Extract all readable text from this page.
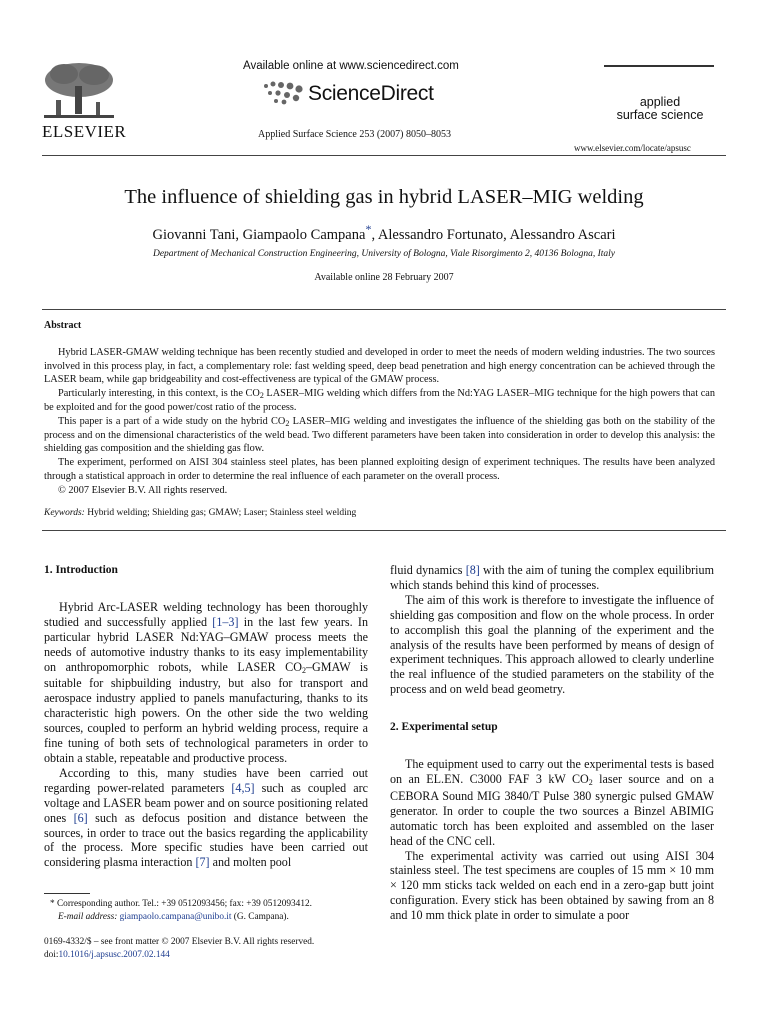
ELSEVIER
Available online at www.sciencedirect.com
ScienceDirect
Applied Surface Science 253 (2007) 8050–8053
applied
surface science
www.elsevier.com/locate/apsusc
The influence of shielding gas in hybrid LASER–MIG welding
Giovanni Tani, Giampaolo Campana*, Alessandro Fortunato, Alessandro Ascari
Department of Mechanical Construction Engineering, University of Bologna, Viale Risorgimento 2, 40136 Bologna, Italy
Available online 28 February 2007
Abstract
Hybrid LASER-GMAW welding technique has been recently studied and developed in order to meet the needs of modern welding industries. The two sources involved in this process play, in fact, a complementary role: fast welding speed, deep bead penetration and high energy concentration can be achieved through the LASER beam, while gap bridgeability and cost-effectiveness are typical of the GMAW process.
Particularly interesting, in this context, is the CO2 LASER–MIG welding which differs from the Nd:YAG LASER–MIG technique for the high powers that can be exploited and for the good power/cost ratio of the process.
This paper is a part of a wide study on the hybrid CO2 LASER–MIG welding and investigates the influence of the shielding gas both on the stability of the process and on the dimensional characteristics of the weld bead. Two different parameters have been taken into consideration in order to develop this analysis: the shielding gas composition and the shielding gas flow.
The experiment, performed on AISI 304 stainless steel plates, has been planned exploiting design of experiment techniques. The results have been analyzed through a statistical approach in order to determine the real influence of each parameter on the overall process.
© 2007 Elsevier B.V. All rights reserved.
Keywords: Hybrid welding; Shielding gas; GMAW; Laser; Stainless steel welding

1. Introduction

Hybrid Arc-LASER welding technology has been thoroughly studied and successfully applied [1–3] in the last few years. In particular hybrid LASER Nd:YAG–GMAW process meets the needs of automotive industry thanks to its easy implementability on anthropomorphic robots, while LASER CO2–GMAW is suitable for shipbuilding industry, but also for transport and aerospace industry applied to panels manufacturing, thanks to its characteristic high powers. On the other side the two welding sources, coupled to perform an hybrid welding process, require a fine tuning of both sets of technological parameters in order to obtain a stable, repeatable and productive process.

According to this, many studies have been carried out regarding power-related parameters [4,5] such as coupled arc voltage and LASER beam power and on source positioning related ones [6] such as defocus position and distance between the sources, in order to trace out the basics regarding the applicability of the process. More specific studies have been carried out considering plasma interaction [7] and molten pool

fluid dynamics [8] with the aim of tuning the complex equilibrium which stands behind this kind of processes.

The aim of this work is therefore to investigate the influence of shielding gas composition and flow on the whole process. In order to accomplish this goal the planning of the experiment and the analysis of the results have been performed by means of design of experiment techniques. This approach allowed to clearly underline the real influence of the studied parameters on the stability of the process and on weld bead geometry.

2. Experimental setup

The equipment used to carry out the experimental tests is based on an EL.EN. C3000 FAF 3 kW CO2 laser source and on a CEBORA Sound MIG 3840/T Pulse 380 synergic pulsed GMAW generator. In order to couple the two sources a Binzel ABIMIG automatic torch has been exploited and assembled on the laser head of the CNC cell.

The experimental activity was carried out using AISI 304 stainless steel. The test specimens are couples of 15 mm × 10 mm × 120 mm sticks tack welded on each end in a zero-gap butt joint configuration. Every stick has been obtained by sawing from an 8 and 10 mm thick plate in order to simulate a poor

* Corresponding author. Tel.: +39 0512093456; fax: +39 0512093412.
E-mail address: giampaolo.campana@unibo.it (G. Campana).
0169-4332/$ – see front matter © 2007 Elsevier B.V. All rights reserved.
doi:10.1016/j.apsusc.2007.02.144
